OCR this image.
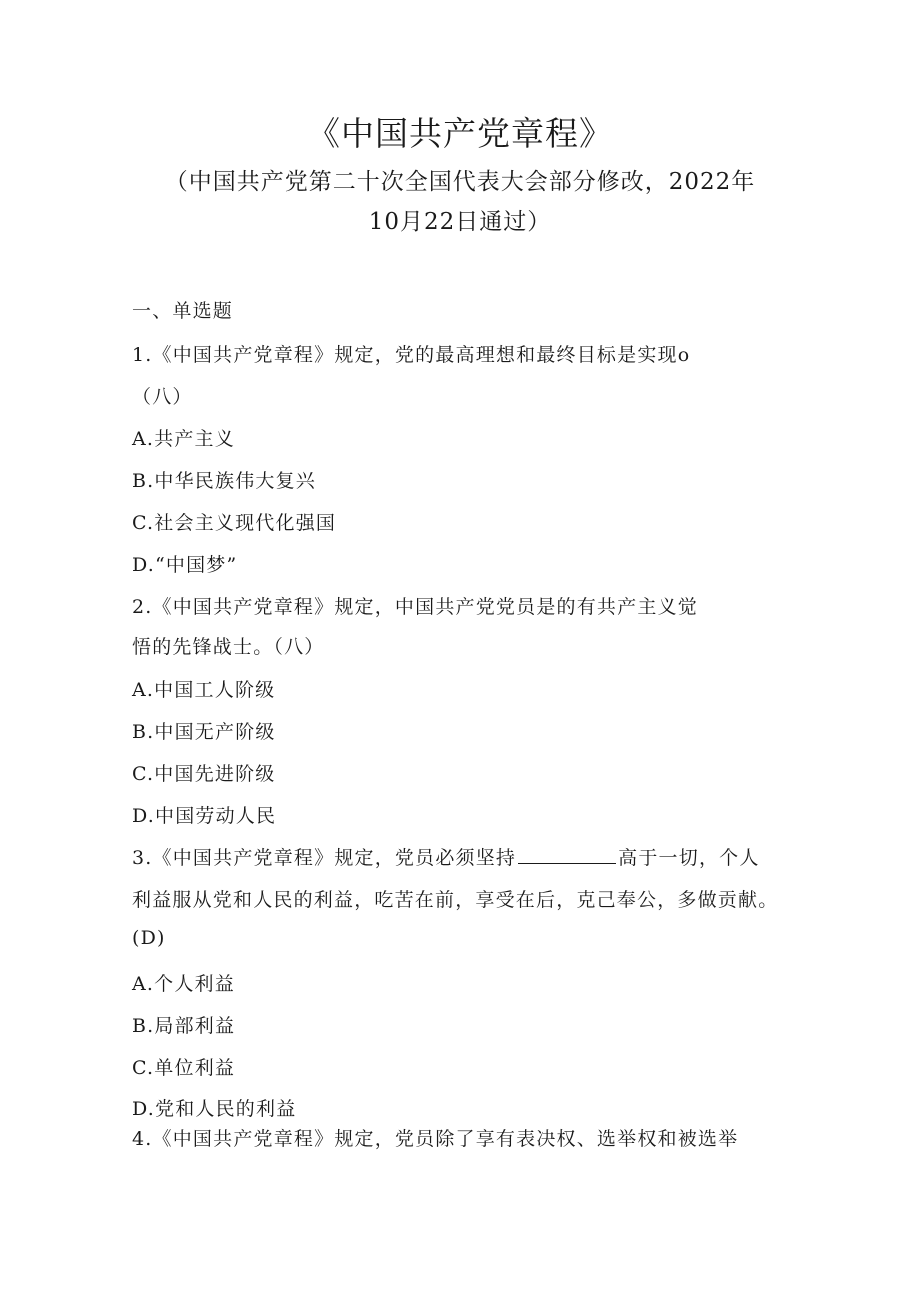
《中国共产党章程》

（中国共产党第二十次全国代表大会部分修改，2022年10月22日通过）

一、单选题

1.《中国共产党章程》规定，党的最高理想和最终目标是实现o

（八）

A.共产主义

B.中华民族伟大复兴

C.社会主义现代化强国

D.“中国梦”

2.《中国共产党章程》规定，中国共产党党员是的有共产主义觉

悟的先锋战士。（八）

A.中国工人阶级

B.中国无产阶级

C.中国先进阶级

D.中国劳动人民

3.《中国共产党章程》规定，党员必须坚持	高于一切，个人

利益服从党和人民的利益，吃苦在前，享受在后，克己奉公，多做贡献。

(D)

A.个人利益

B.局部利益

C.单位利益

D.党和人民的利益

4.《中国共产党章程》规定，党员除了享有表决权、选举权和被选举
